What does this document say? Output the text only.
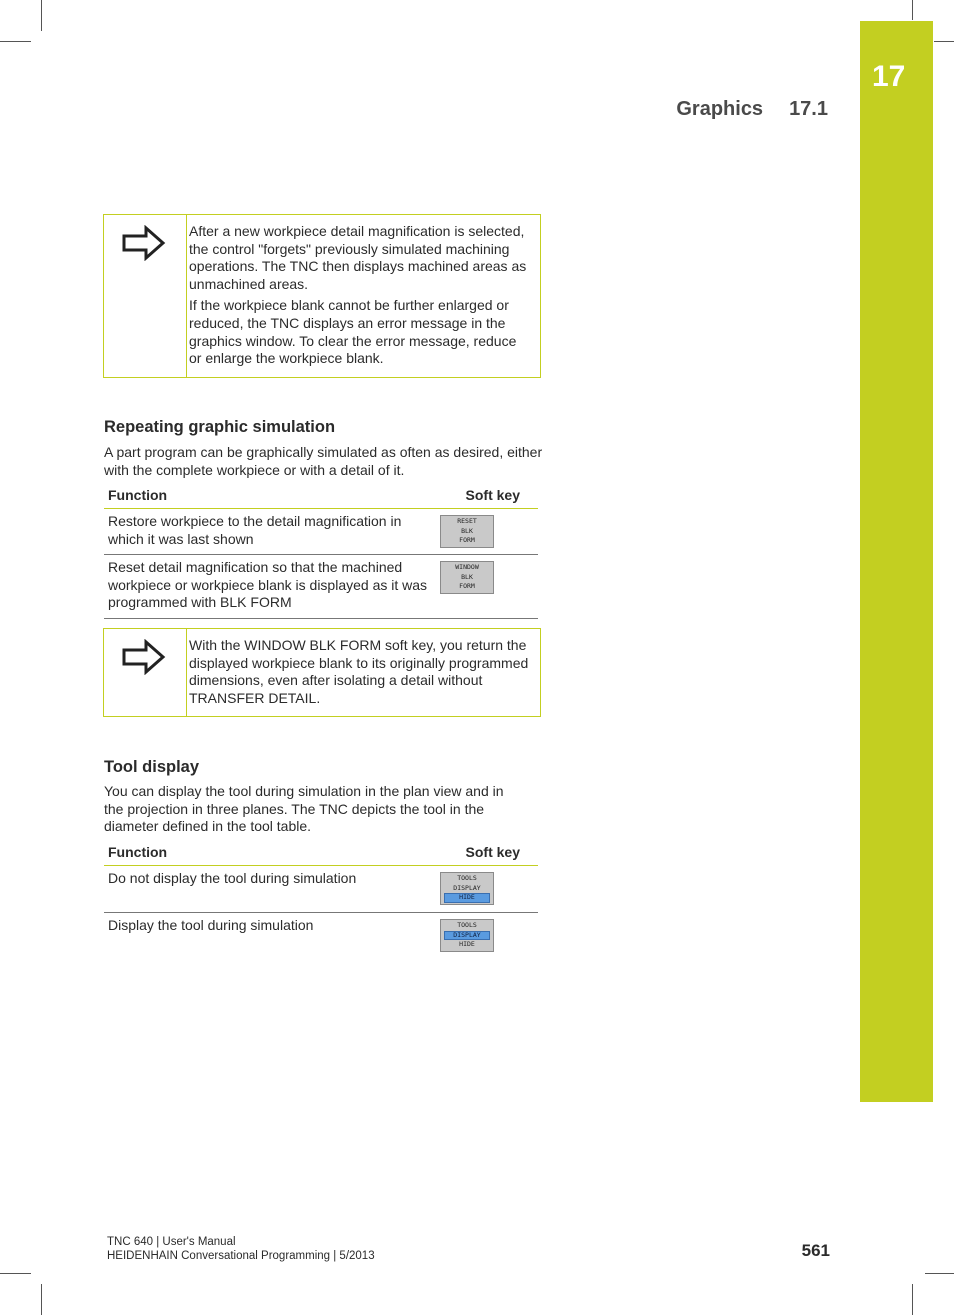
17
Graphics 17.1

After a new workpiece detail magnification is selected, the control "forgets" previously simulated machining operations. The TNC then displays machined areas as unmachined areas.

If the workpiece blank cannot be further enlarged or reduced, the TNC displays an error message in the graphics window. To clear the error message, reduce or enlarge the workpiece blank.

Repeating graphic simulation

A part program can be graphically simulated as often as desired, either with the complete workpiece or with a detail of it.

Function	Soft key
Restore workpiece to the detail magnification in which it was last shown	RESET
BLK
FORM

Reset detail magnification so that the machined workpiece or workpiece blank is displayed as it was programmed with BLK FORM	WINDOW
BLK
FORM

With the WINDOW BLK FORM soft key, you return the displayed workpiece blank to its originally programmed dimensions, even after isolating a detail without TRANSFER DETAIL.

Tool display

You can display the tool during simulation in the plan view and in the projection in three planes. The TNC depicts the tool in the diameter defined in the tool table.

Function	Soft key
Do not display the tool during simulation	TOOLS
DISPLAY
HIDE

Display the tool during simulation	TOOLS
DISPLAY
HIDE
TNC 640 | User's Manual
HEIDENHAIN Conversational Programming | 5/2013	561
